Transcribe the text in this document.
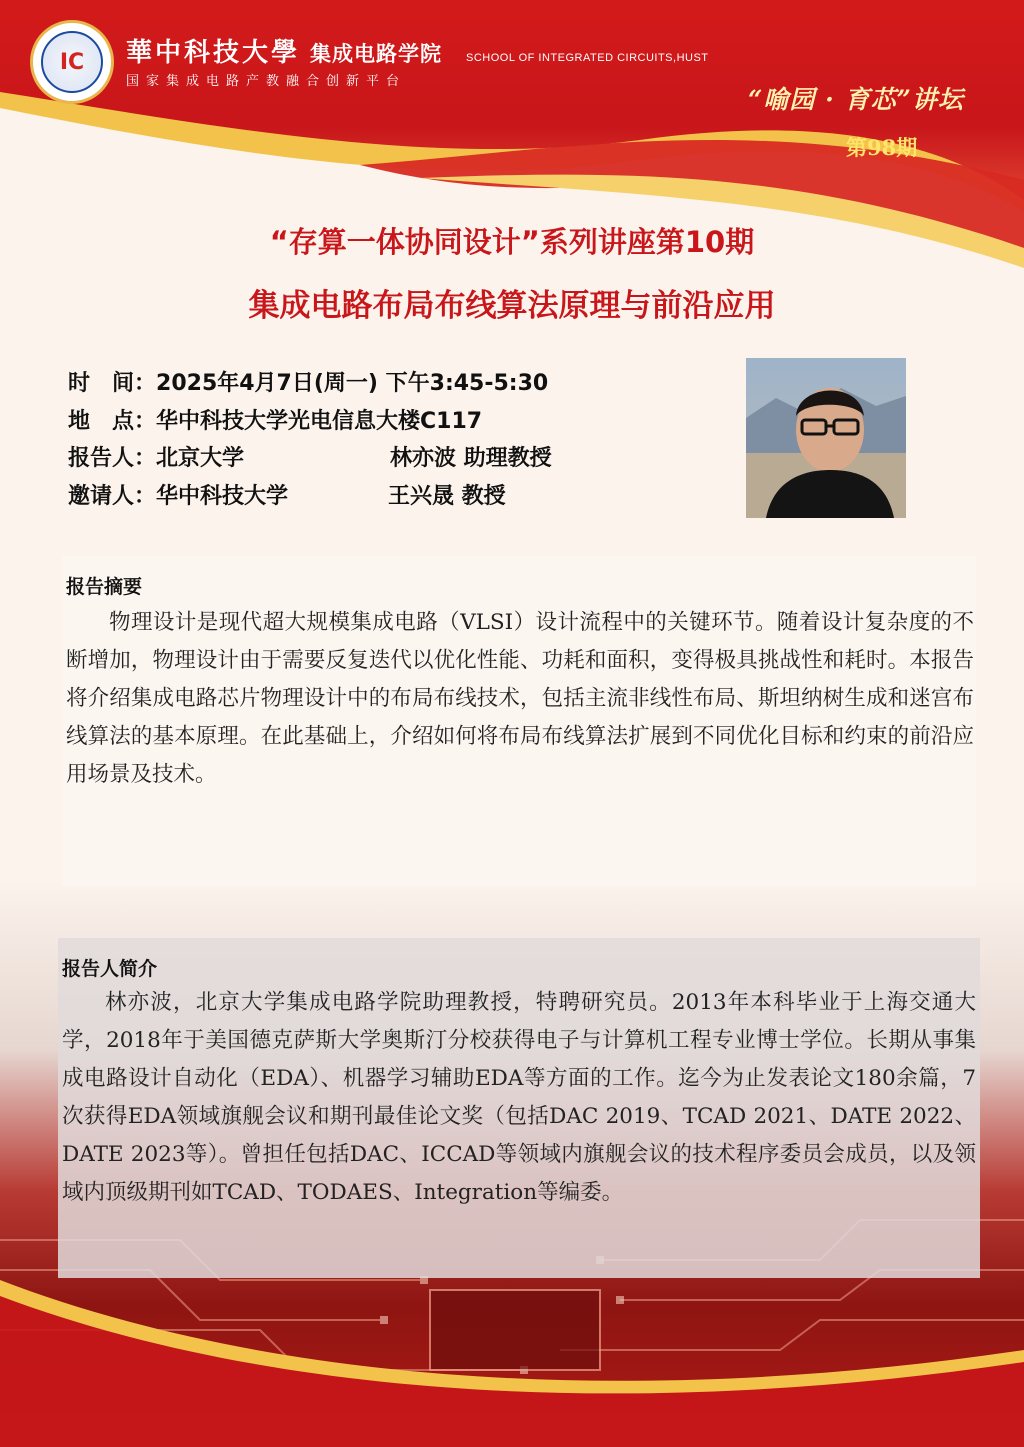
IC	華中科技大學 集成电路学院 SCHOOL OF INTEGRATED CIRCUITS,HUST
国家集成电路产教融合创新平台
“喻园 · 育芯”讲坛
第98期
“存算一体协同设计”系列讲座第10期
集成电路布局布线算法原理与前沿应用
时　间：2025年4月7日(周一) 下午3:45-5:30
地　点：华中科技大学光电信息大楼C117
报告人：北京大学	林亦波 助理教授
邀请人：华中科技大学	王兴晟 教授
报告摘要
物理设计是现代超大规模集成电路（VLSI）设计流程中的关键环节。随着设计复杂度的不断增加，物理设计由于需要反复迭代以优化性能、功耗和面积，变得极具挑战性和耗时。本报告将介绍集成电路芯片物理设计中的布局布线技术，包括主流非线性布局、斯坦纳树生成和迷宫布线算法的基本原理。在此基础上，介绍如何将布局布线算法扩展到不同优化目标和约束的前沿应用场景及技术。
报告人简介
林亦波，北京大学集成电路学院助理教授，特聘研究员。2013年本科毕业于上海交通大学，2018年于美国德克萨斯大学奥斯汀分校获得电子与计算机工程专业博士学位。长期从事集成电路设计自动化（EDA）、机器学习辅助EDA等方面的工作。迄今为止发表论文180余篇，7次获得EDA领域旗舰会议和期刊最佳论文奖（包括DAC 2019、TCAD 2021、DATE 2022、DATE 2023等）。曾担任包括DAC、ICCAD等领域内旗舰会议的技术程序委员会成员，以及领域内顶级期刊如TCAD、TODAES、Integration等编委。
